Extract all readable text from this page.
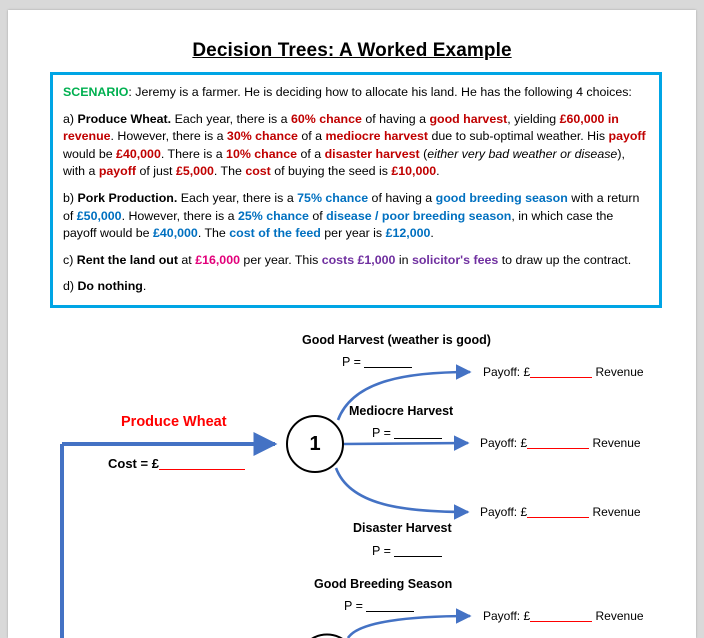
Decision Trees: A Worked Example

SCENARIO: Jeremy is a farmer. He is deciding how to allocate his land. He has the following 4 choices:

a) Produce Wheat. Each year, there is a 60% chance of having a good harvest, yielding £60,000 in revenue. However, there is a 30% chance of a mediocre harvest due to sub-optimal weather. His payoff would be £40,000. There is a 10% chance of a disaster harvest (either very bad weather or disease), with a payoff of just £5,000. The cost of buying the seed is £10,000.

b) Pork Production. Each year, there is a 75% chance of having a good breeding season with a return of £50,000. However, there is a 25% chance of disease / poor breeding season, in which case the payoff would be £40,000. The cost of the feed per year is £12,000.

c) Rent the land out at £16,000 per year. This costs £1,000 in solicitor's fees to draw up the contract.

d) Do nothing.

Produce Wheat
Cost = £
1
Good Harvest (weather is good)
P =
Payoff: £	Revenue
Mediocre Harvest
P =
Payoff: £	Revenue
Payoff: £	Revenue
Disaster Harvest
P =
Good Breeding Season
P =
Payoff: £	Revenue
